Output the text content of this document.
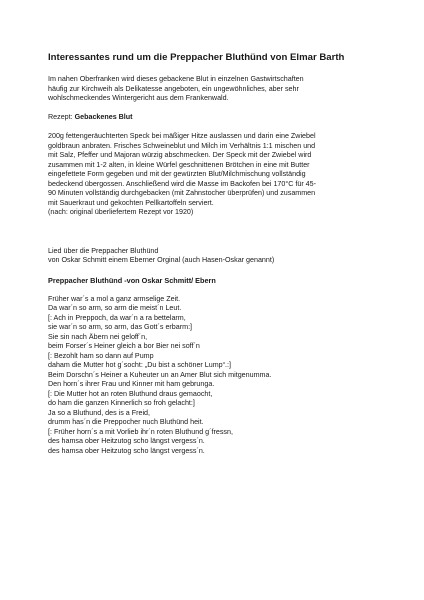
Interessantes rund um die Preppacher Bluthünd von Elmar Barth

Im nahen Oberfranken wird dieses gebackene Blut in einzelnen Gastwirtschaften
häufig zur Kirchweih als Delikatesse angeboten, ein ungewöhnliches, aber sehr
wohlschmeckendes Wintergericht aus dem Frankenwald.

Rezept: Gebackenes Blut

200g fettengeräuchterten Speck bei mäßiger Hitze auslassen und darin eine Zwiebel
goldbraun anbraten. Frisches Schweineblut und Milch im Verhältnis 1:1 mischen und
mit Salz, Pfeffer und Majoran würzig abschmecken. Der Speck mit der Zwiebel wird
zusammen mit 1-2 alten, in kleine Würfel geschnittenen Brötchen in eine mit Butter
eingefettete Form gegeben und mit der gewürzten Blut/Milchmischung vollständig
bedeckend übergossen. Anschließend wird die Masse im Backofen bei 170°C für 45-
90 Minuten vollständig durchgebacken (mit Zahnstocher überprüfen) und zusammen
mit Sauerkraut und gekochten Pellkartoffeln serviert.
(nach: original überliefertem Rezept vor 1920)

Lied über die Preppacher Bluthünd
von Oskar Schmitt einem Eberner Orginal (auch Hasen-Oskar genannt)

Preppacher Bluthünd -von Oskar Schmitt/ Ebern

Früher war´s a mol a ganz armselige Zeit.
Da war´n so arm, so arm die meist´n Leut.
[: Ach in Preppoch, da war´n a ra bettelarm,
sie war´n so arm, so arm, das Gott´s erbarm:]
Sie sin nach Äbern nei geloff´n,
beim Forser´s Heiner gleich a bor Bier nei soff´n
[: Bezohlt ham so dann auf Pump
daham die Mutter hot g´socht: „Du bist a schöner Lump“.:]
Beim Dorschn´s Heiner a Kuheuter un an Amer Blut sich mitgenumma.
Den horn´s ihrer Frau und Kinner mit ham gebrunga.
[: Die Mutter hot an roten Bluthund draus gemaocht,
do ham die ganzen Kinnerlich so froh gelacht:]
Ja so a Bluthund, des is a Freid,
drumm has´n die Preppocher nuch Bluthünd heit.
[: Früher horn´s a mit Vorlieb ihr´n roten Bluthund g´fressn,
des hamsa ober Heitzutog scho längst vergess´n.
des hamsa ober Heitzutog scho längst vergess´n.
